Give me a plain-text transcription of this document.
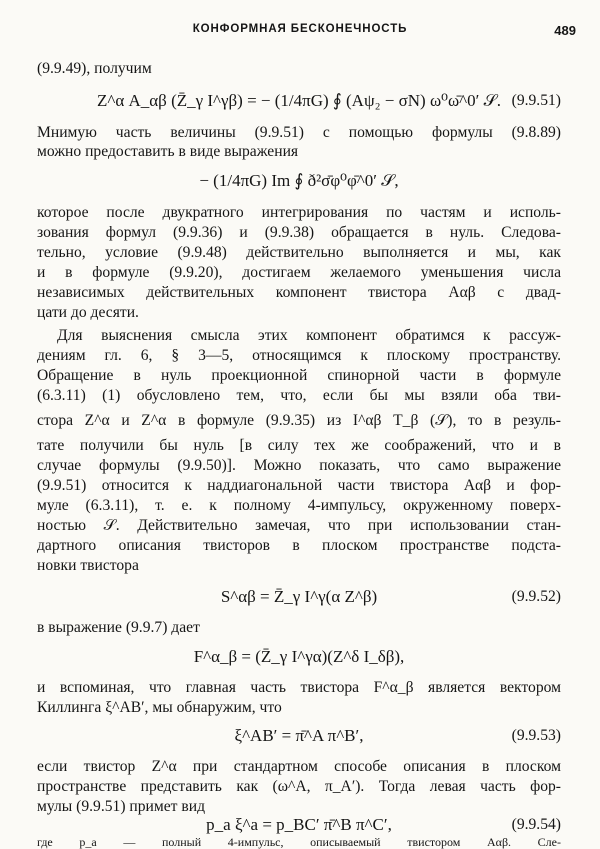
КОНФОРМНАЯ БЕСКОНЕЧНОСТЬ	489
(9.9.49), получим
Z^α A_αβ (Z̄_γ I^γβ) = − (1/4πG) ∮ (Aψ₂ − σN) ω⁰ω̄^0′ 𝒮. (9.9.51)
Мнимую часть величины (9.9.51) с помощью формулы (9.8.89)
можно предоставить в виде выражения
− (1/4πG) Im ∮ ð²σ̄φ⁰φ̄^0′ 𝒮,
которое после двукратного интегрирования по частям и исполь-
зования формул (9.9.36) и (9.9.38) обращается в нуль. Следова-
тельно, условие (9.9.48) действительно выполняется и мы, как
и в формуле (9.9.20), достигаем желаемого уменьшения числа
независимых действительных компонент твистора Aαβ с двад-
цати до десяти.
Для выяснения смысла этих компонент обратимся к рассуж-
дениям гл. 6, § 3—5, относящимся к плоскому пространству.
Обращение в нуль проекционной спинорной части в формуле
(6.3.11) (1) обусловлено тем, что, если бы мы взяли оба тви-
стора Z^α и Z^α в формуле (9.9.35) из I^αβ T_β (𝒮), то в резуль-
тате получили бы нуль [в силу тех же соображений, что и в
случае формулы (9.9.50)]. Можно показать, что само выражение
(9.9.51) относится к наддиагональной части твистора Aαβ и фор-
муле (6.3.11), т. е. к полному 4-импульсу, окруженному поверх-
ностью 𝒮. Действительно замечая, что при использовании стан-
дартного описания твисторов в плоском пространстве подста-
новки твистора
S^αβ = Z̄_γ I^γ(α Z^β)	(9.9.52)
в выражение (9.9.7) дает
F^α_β = (Z̄_γ I^γα)(Z^δ I_δβ),
и вспоминая, что главная часть твистора F^α_β является вектором
Киллинга ξ^AB′, мы обнаружим, что
ξ^AB′ = π̄^A π^B′,	(9.9.53)
если твистор Z^α при стандартном способе описания в плоском
пространстве представить как (ω^A, π_A′). Тогда левая часть фор-
мулы (9.9.51) примет вид
p_a ξ^a = p_BC′ π̄^B π^C′,	(9.9.54)
где p_a — полный 4-импульс, описываемый твистором Aαβ. Сле-
